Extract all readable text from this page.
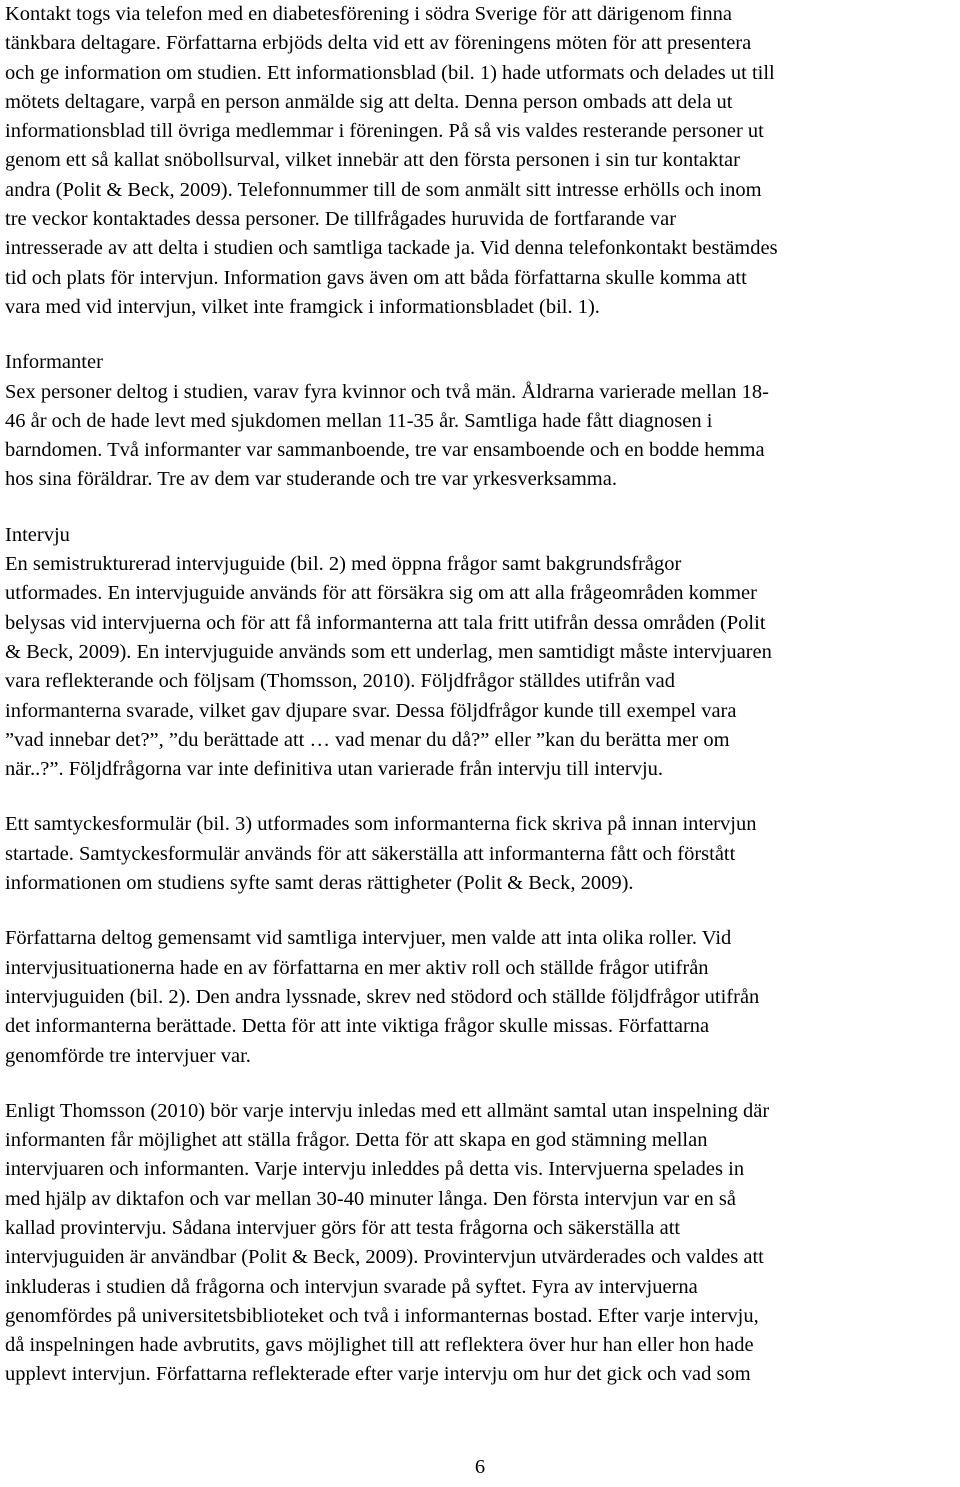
Kontakt togs via telefon med en diabetesförening i södra Sverige för att därigenom finna
tänkbara deltagare. Författarna erbjöds delta vid ett av föreningens möten för att presentera
och ge information om studien. Ett informationsblad (bil. 1) hade utformats och delades ut till
mötets deltagare, varpå en person anmälde sig att delta. Denna person ombads att dela ut
informationsblad till övriga medlemmar i föreningen. På så vis valdes resterande personer ut
genom ett så kallat snöbollsurval, vilket innebär att den första personen i sin tur kontaktar
andra (Polit & Beck, 2009). Telefonnummer till de som anmält sitt intresse erhölls och inom
tre veckor kontaktades dessa personer. De tillfrågades huruvida de fortfarande var
intresserade av att delta i studien och samtliga tackade ja. Vid denna telefonkontakt bestämdes
tid och plats för intervjun. Information gavs även om att båda författarna skulle komma att
vara med vid intervjun, vilket inte framgick i informationsbladet (bil. 1).

Informanter

Sex personer deltog i studien, varav fyra kvinnor och två män. Åldrarna varierade mellan 18-
46 år och de hade levt med sjukdomen mellan 11-35 år. Samtliga hade fått diagnosen i
barndomen. Två informanter var sammanboende, tre var ensamboende och en bodde hemma
hos sina föräldrar. Tre av dem var studerande och tre var yrkesverksamma.

Intervju

En semistrukturerad intervjuguide (bil. 2) med öppna frågor samt bakgrundsfrågor
utformades. En intervjuguide används för att försäkra sig om att alla frågeområden kommer
belysas vid intervjuerna och för att få informanterna att tala fritt utifrån dessa områden (Polit
& Beck, 2009). En intervjuguide används som ett underlag, men samtidigt måste intervjuaren
vara reflekterande och följsam (Thomsson, 2010). Följdfrågor ställdes utifrån vad
informanterna svarade, vilket gav djupare svar. Dessa följdfrågor kunde till exempel vara
”vad innebar det?”, ”du berättade att … vad menar du då?” eller ”kan du berätta mer om
när..?”. Följdfrågorna var inte definitiva utan varierade från intervju till intervju.

Ett samtyckesformulär (bil. 3) utformades som informanterna fick skriva på innan intervjun
startade. Samtyckesformulär används för att säkerställa att informanterna fått och förstått
informationen om studiens syfte samt deras rättigheter (Polit & Beck, 2009).

Författarna deltog gemensamt vid samtliga intervjuer, men valde att inta olika roller. Vid
intervjusituationerna hade en av författarna en mer aktiv roll och ställde frågor utifrån
intervjuguiden (bil. 2). Den andra lyssnade, skrev ned stödord och ställde följdfrågor utifrån
det informanterna berättade. Detta för att inte viktiga frågor skulle missas. Författarna
genomförde tre intervjuer var.

Enligt Thomsson (2010) bör varje intervju inledas med ett allmänt samtal utan inspelning där
informanten får möjlighet att ställa frågor. Detta för att skapa en god stämning mellan
intervjuaren och informanten. Varje intervju inleddes på detta vis. Intervjuerna spelades in
med hjälp av diktafon och var mellan 30-40 minuter långa. Den första intervjun var en så
kallad provintervju. Sådana intervjuer görs för att testa frågorna och säkerställa att
intervjuguiden är användbar (Polit & Beck, 2009). Provintervjun utvärderades och valdes att
inkluderas i studien då frågorna och intervjun svarade på syftet. Fyra av intervjuerna
genomfördes på universitetsbiblioteket och två i informanternas bostad. Efter varje intervju,
då inspelningen hade avbrutits, gavs möjlighet till att reflektera över hur han eller hon hade
upplevt intervjun. Författarna reflekterade efter varje intervju om hur det gick och vad som

6
